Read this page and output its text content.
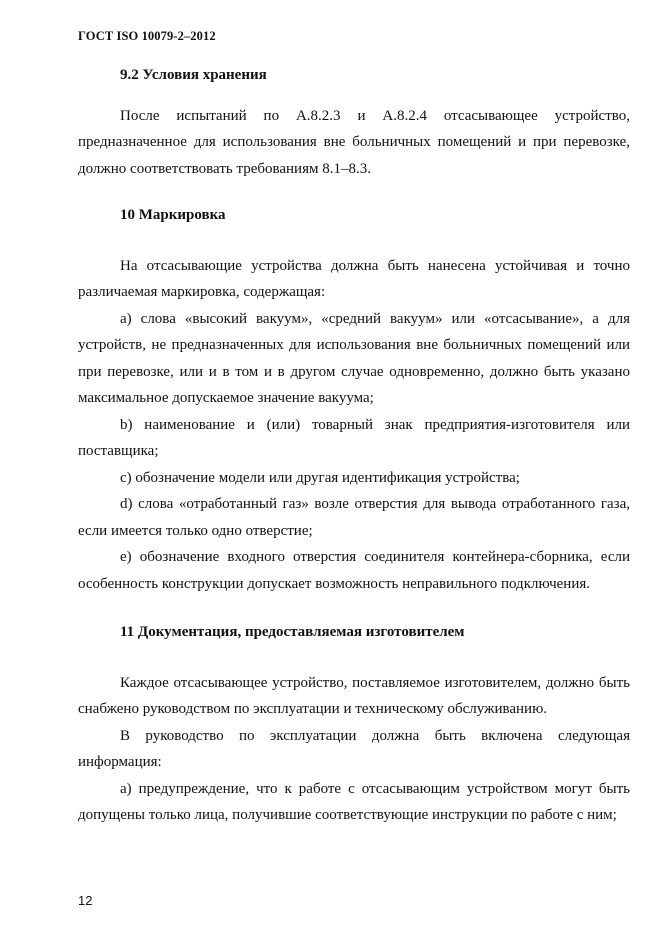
ГОСТ ISO 10079-2–2012
9.2 Условия хранения

После испытаний по А.8.2.3 и А.8.2.4 отсасывающее устройство, предназначенное для использования вне больничных помещений и при перевозке, должно соответствовать требованиям 8.1–8.3.

10 Маркировка

На отсасывающие устройства должна быть нанесена устойчивая и точно различаемая маркировка, содержащая:

а) слова «высокий вакуум», «средний вакуум» или «отсасывание», а для устройств, не предназначенных для использования вне больничных помещений или при перевозке, или и в том и в другом случае одновременно, должно быть указано максимальное допускаемое значение вакуума;

b) наименование и (или) товарный знак предприятия-изготовителя или поставщика;

с) обозначение модели или другая идентификация устройства;

d) слова «отработанный газ» возле отверстия для вывода отработанного газа, если имеется только одно отверстие;

е) обозначение входного отверстия соединителя контейнера-сборника, если особенность конструкции допускает возможность неправильного подключения.

11 Документация, предоставляемая изготовителем

Каждое отсасывающее устройство, поставляемое изготовителем, должно быть снабжено руководством по эксплуатации и техническому обслуживанию.

В руководство по эксплуатации должна быть включена следующая информация:

а) предупреждение, что к работе с отсасывающим устройством могут быть допущены только лица, получившие соответствующие инструкции по работе с ним;

12
